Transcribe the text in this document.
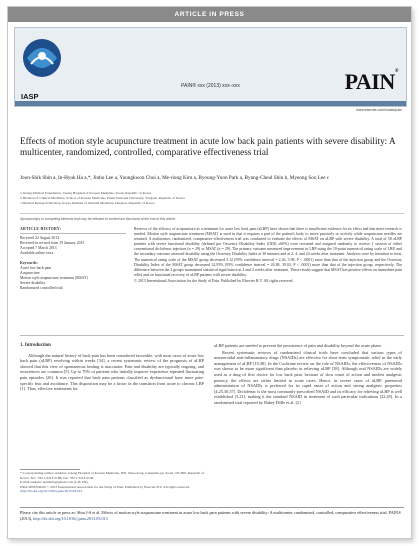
ARTICLE IN PRESS
IASP
PAIN® xxx (2013) xxx–xxx
www.elsevier.com/locate/pain
PAIN®
Effects of motion style acupuncture treatment in acute low back pain patients with severe disability: A multicenter, randomized, controlled, comparative effectiveness trial
Joon-Shik Shin a, In-Hyuk Ha a,*, Jinho Lee a, Youngkwon Choi a, Me-riong Kim a, Byoung-Yoon Park a, Byung-Cheul Shin b, Myeong Soo Lee c
a Jaseng Medical Foundation, Jaseng Hospital of Korean Medicine, Seoul, Republic of Korea
b Division of Clinical Medicine, School of Korean Medicine, Pusan National University, Yangsan, Republic of Korea
c Medical Research Division, Korea Institute of Oriental Medicine, Daejeon, Republic of Korea
Sponsorships or competing interests that may be relevant to content are disclosed at the end of this article.
ARTICLE HISTORY:
Received 22 August 2012
Received in revised form 19 January 2013
Accepted 7 March 2013
Available online xxxx
Keywords:
Acute low back pain
Acupuncture
Motion style acupuncture treatment (MSAT)
Severe disability
Randomized controlled trial
Reviews of the efficacy of acupuncture as a treatment for acute low back pain (aLBP) have shown that there is insufficient evidence for its effect and that more research is needed. Motion style acupuncture treatment (MSAT) is used in that it requires a part of the patient's body to move passively or actively while acupuncture needles are retained. A multicenter, randomized, comparative effectiveness trial was conducted to evaluate the effects of MSAT on aLBP with severe disability. A total of 58 aLBP patients with severe functional disability (defined per Oswestry Disability Index (ODI) ≥60%) were recruited and assigned randomly to receive 1 session of either conventional diclofenac injection (n = 29) or MSAT (n = 29). The primary outcome measured improvement in LBP using the 10-point numerical rating scale of LBP, and the secondary outcome assessed disability using the Oswestry Disability Index at 30 minutes and at 2, 4, and 24 weeks after treatment. Analyses were by intention to treat. The numerical rating scale of the MSAT group decreased 3.12 (95% confidence interval = 2.26, 3.98; P < .0001) more than that of the injection group and the Oswestry Disability Index of the MSAT group decreased 32.95% (95% confidence interval = 24.88, 39.03; P < .0001) more than that of the injection group, respectively. The difference between the 2 groups maintained statistical significance at 2 and 4 weeks after treatment. These results suggest that MSAT has positive effects on immediate pain relief and on functional recovery of aLBP patients with severe disability.
© 2013 International Association for the Study of Pain. Published by Elsevier B.V. All rights reserved.
1. Introduction
Although the natural history of back pain has been considered favorable, with most cases of acute low back pain (aLBP) resolving within weeks [34], a recent systematic review of the prognosis of aLBP showed that this view of spontaneous healing is inaccurate. Pain and disability are typically ongoing, and recurrences are common [5]. Up to 70% of patients who initially improve experience repeated fluctuating pain episodes [26]. It was reported that back pain patients classified as dysfunctional have more pain-specific fear and avoidance. This disposition may be a factor in the transition from acute to chronic LBP [1]. Thus, effective treatments for
aLBP patients are needed to prevent the persistence of pain and disability beyond the acute phase.
Recent systematic reviews of randomized clinical trials have concluded that various types of nonsteroidal anti-inflammatory drugs (NSAIDs) are effective for short-term symptomatic relief in the early management of aLBP [19,38]. In the Cochrane review on the role of NSAIDs, the effectiveness of NSAIDs was shown to be more significant than placebo in relieving aLBP [38]. Although oral NSAIDs are widely used as a drug of first choice for low back pain, because of slow onset of action and modest analgesic potency, the effects are rather limited in acute cases. Hence, in severe cases of aLBP, parenteral administration of NSAIDs is preferred for its rapid onset of action and strong analgesic properties [4,25,30,37]. Diclofenac is the most commonly prescribed NSAID and its efficacy for relieving aLBP is well established [3,21], making it the standard NSAID in treatment of such particular indications [22,45]. In a randomized trial reported by Babej-Dölle et al. [2]
* Corresponding author. Address: Jaseng Hospital of Korean Medicine, 858, Sinsa-dong, Gangnam-gu, Seoul 135-896, Republic of Korea. Tel.: +82 2 3218 2188; fax: +82 2 3218 2100.
E-mail address: hanihata@gmail.com (I.-H. Ha).
0304-3959/$36.00 © 2013 International Association for the Study of Pain. Published by Elsevier B.V. All rights reserved.
http://dx.doi.org/10.1016/j.pain.2013.03.013
Please cite this article in press as: Shin J-S et al. Effects of motion style acupuncture treatment in acute low back pain patients with severe disability: A multicenter, randomized, controlled, comparative effectiveness trial. PAIN® (2013), http://dx.doi.org/10.1016/j.pain.2013.03.013
